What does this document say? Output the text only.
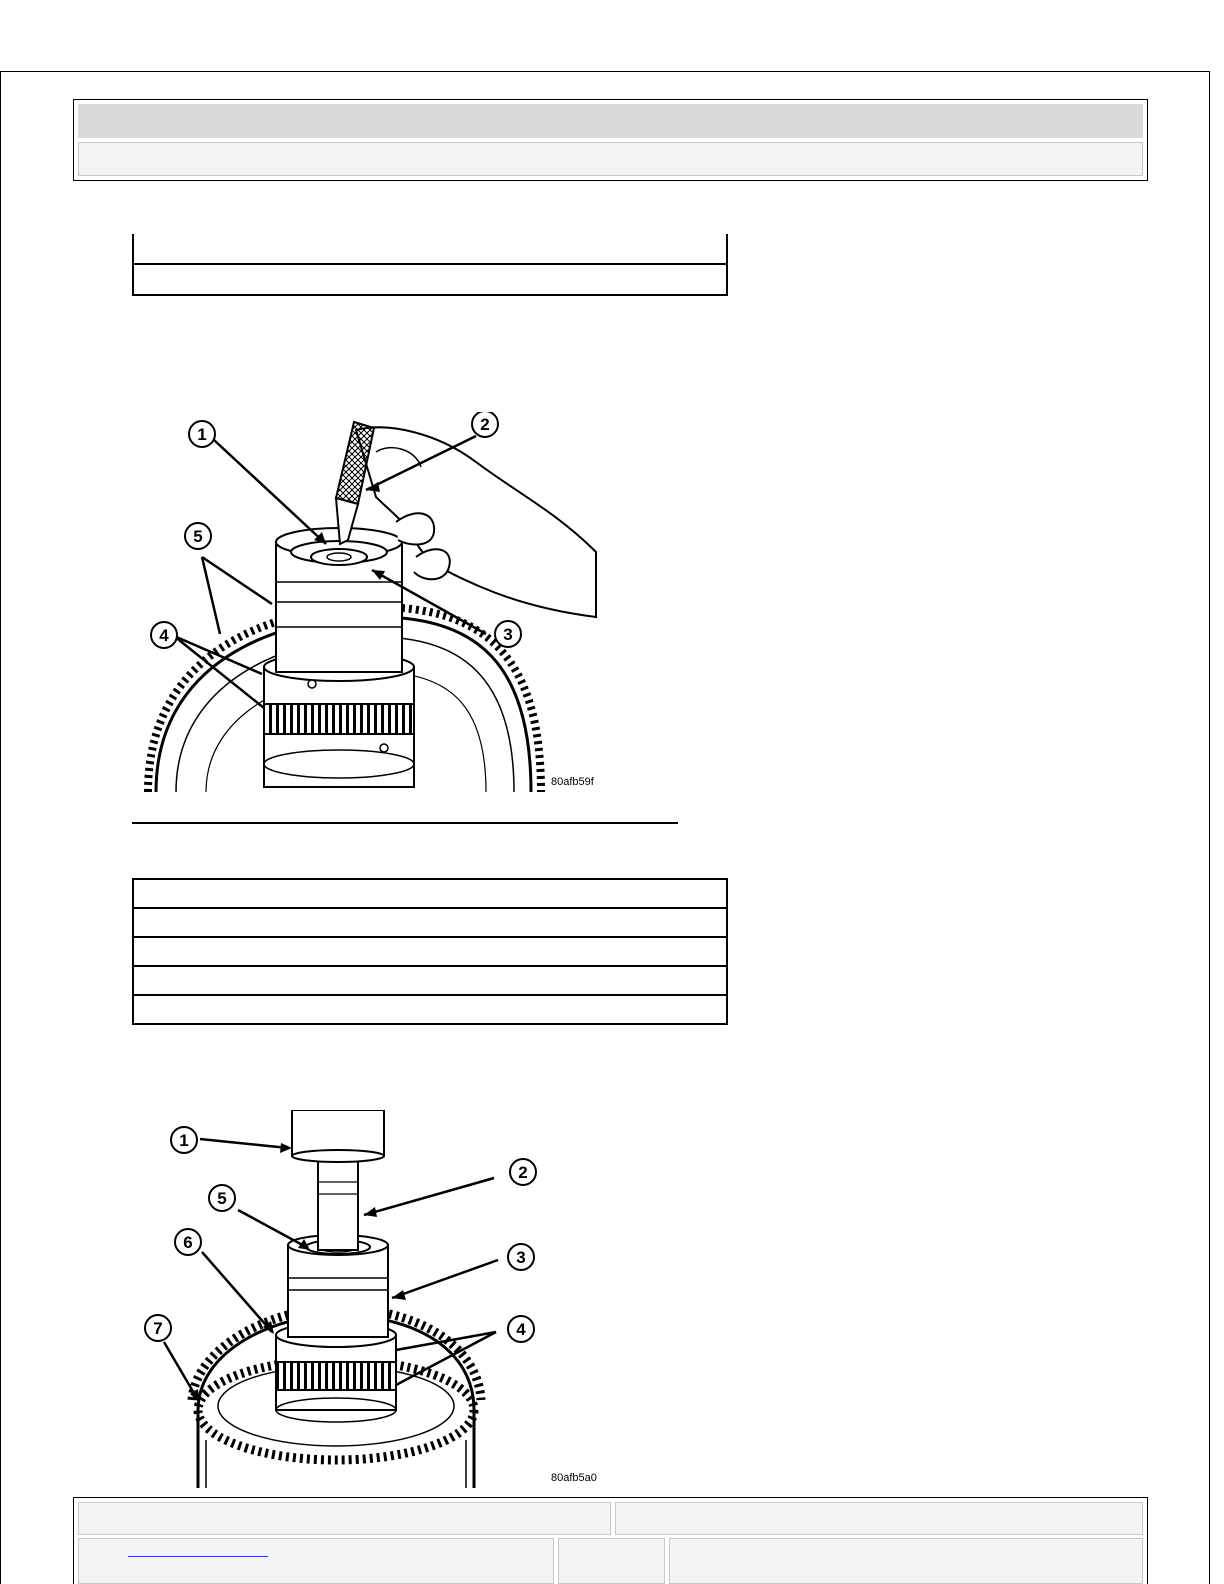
1
2
3
4
5
80afb59f

1
2
3
4
5
6
7
80afb5a0
